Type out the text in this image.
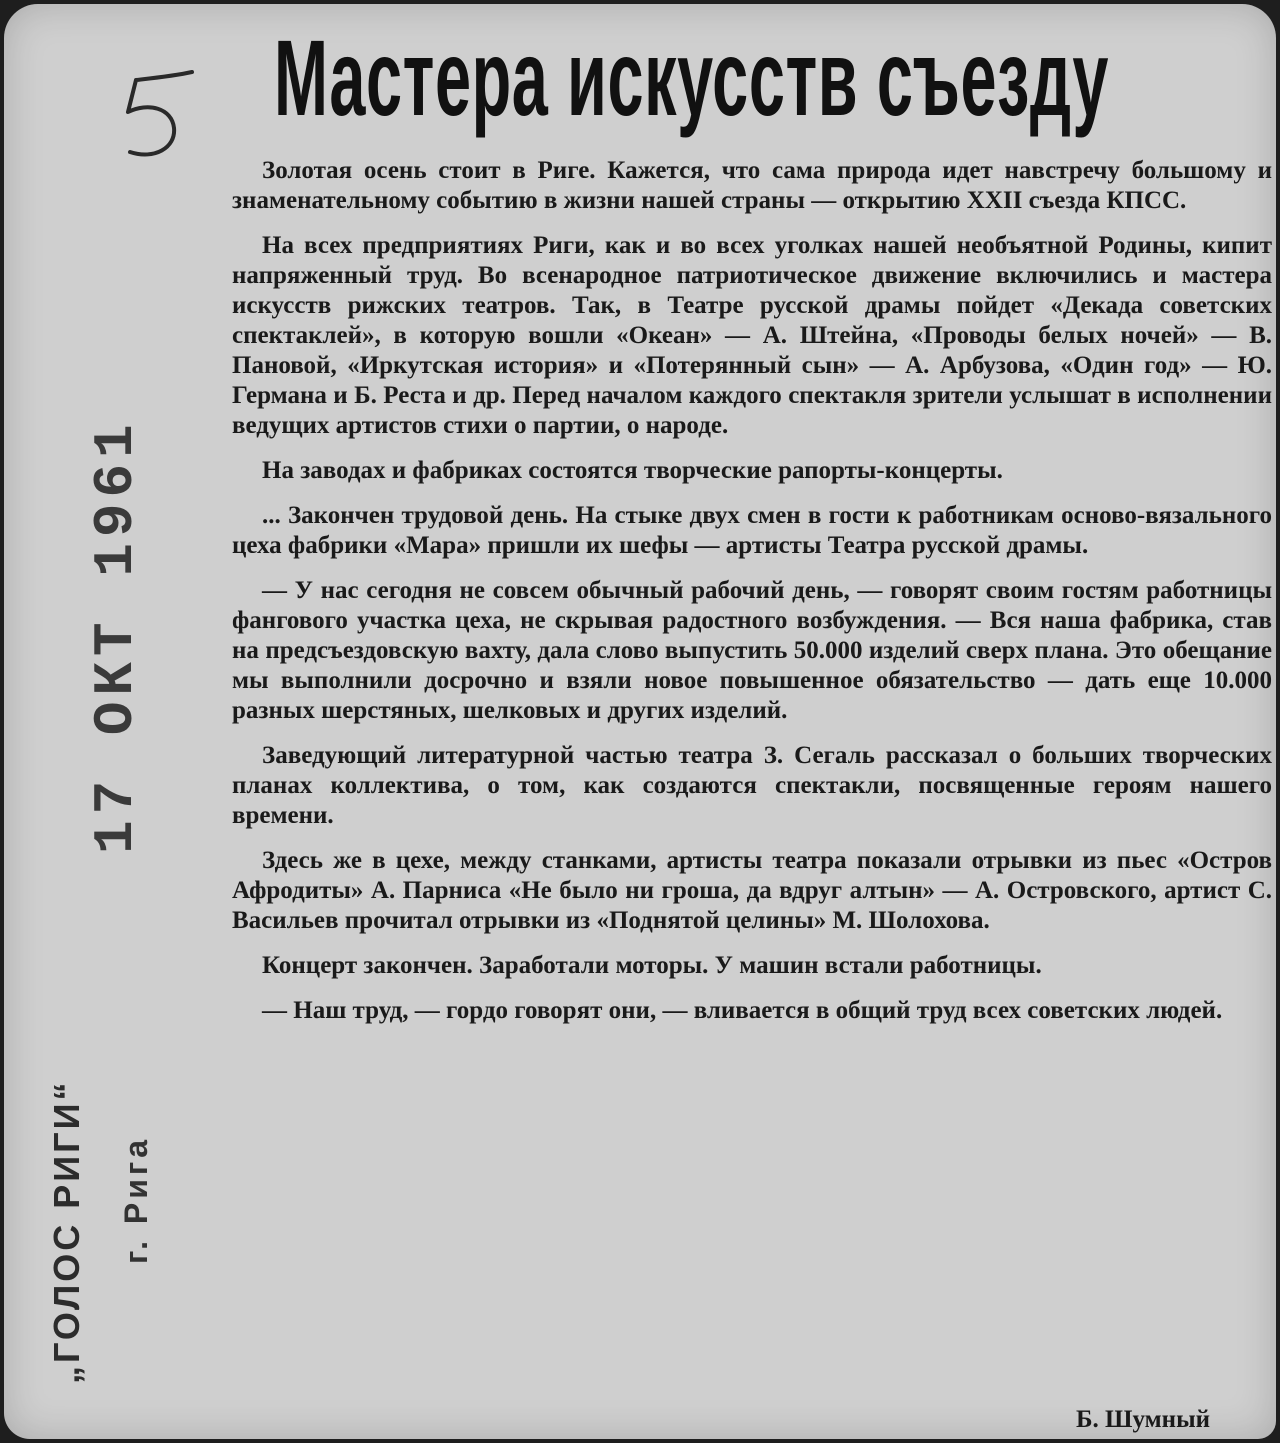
17 ОКТ 1961
„ГОЛОС РИГИ“ г. Рига
Мастера искусств съезду

Золотая осень стоит в Риге. Кажется, что сама природа идет навстречу большому и знаменательному событию в жизни нашей страны — открытию XXII съезда КПСС.

На всех предприятиях Риги, как и во всех уголках нашей необъятной Родины, кипит напряженный труд. Во всенародное патриотическое движение включились и мастера искусств рижских театров. Так, в Театре русской драмы пойдет «Декада советских спектаклей», в которую вошли «Океан» — А. Штейна, «Проводы белых ночей» — В. Пановой, «Иркутская история» и «Потерянный сын» — А. Арбузова, «Один год» — Ю. Германа и Б. Реста и др. Перед началом каждого спектакля зрители услышат в исполнении ведущих артистов стихи о партии, о народе.

На заводах и фабриках состоятся творческие рапорты-концерты.

... Закончен трудовой день. На стыке двух смен в гости к работникам осново-вязального цеха фабрики «Мара» пришли их шефы — артисты Театра русской драмы.

— У нас сегодня не совсем обычный рабочий день, — говорят своим гостям работницы фангового участка цеха, не скрывая радостного возбуждения. — Вся наша фабрика, став на предсъездовскую вахту, дала слово выпустить 50.000 изделий сверх плана. Это обещание мы выполнили досрочно и взяли новое повышенное обязательство — дать еще 10.000 разных шерстяных, шелковых и других изделий.

Заведующий литературной частью театра З. Сегаль рассказал о больших творческих планах коллектива, о том, как создаются спектакли, посвященные героям нашего времени.

Здесь же в цехе, между станками, артисты театра показали отрывки из пьес «Остров Афродиты» А. Парниса «Не было ни гроша, да вдруг алтын» — А. Островского, артист С. Васильев прочитал отрывки из «Поднятой целины» М. Шолохова.

Концерт закончен. Заработали моторы. У машин встали работницы.

— Наш труд, — гордо говорят они, — вливается в общий труд всех советских людей.

Б. Шумный
